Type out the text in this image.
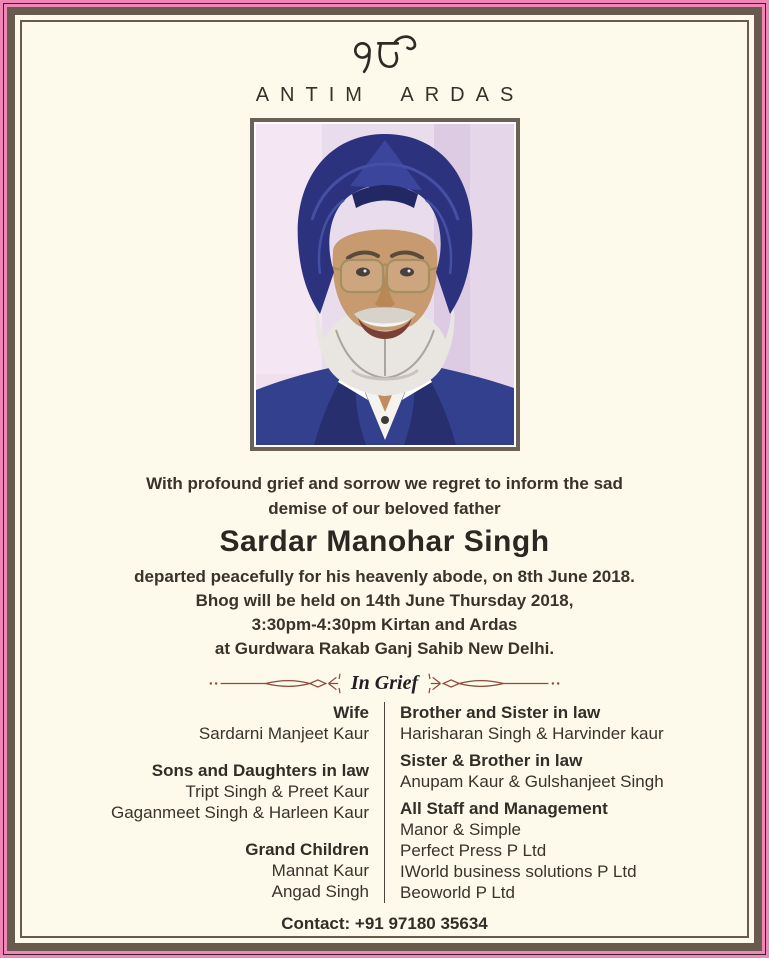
ANTIM ARDAS
With profound grief and sorrow we regret to inform the sad
demise of our beloved father
Sardar Manohar Singh
departed peacefully for his heavenly abode, on 8th June 2018.
Bhog will be held on 14th June Thursday 2018,
3:30pm-4:30pm Kirtan and Ardas
at Gurdwara Rakab Ganj Sahib New Delhi.
In Grief
Wife
Sardarni Manjeet Kaur
Sons and Daughters in law
Tript Singh & Preet Kaur
Gaganmeet Singh & Harleen Kaur
Grand Children
Mannat Kaur
Angad Singh
Brother and Sister in law
Harisharan Singh & Harvinder kaur
Sister & Brother in law
Anupam Kaur & Gulshanjeet Singh
All Staff and Management
Manor & Simple
Perfect Press P Ltd
IWorld business solutions P Ltd
Beoworld P Ltd
Contact: +91 97180 35634
